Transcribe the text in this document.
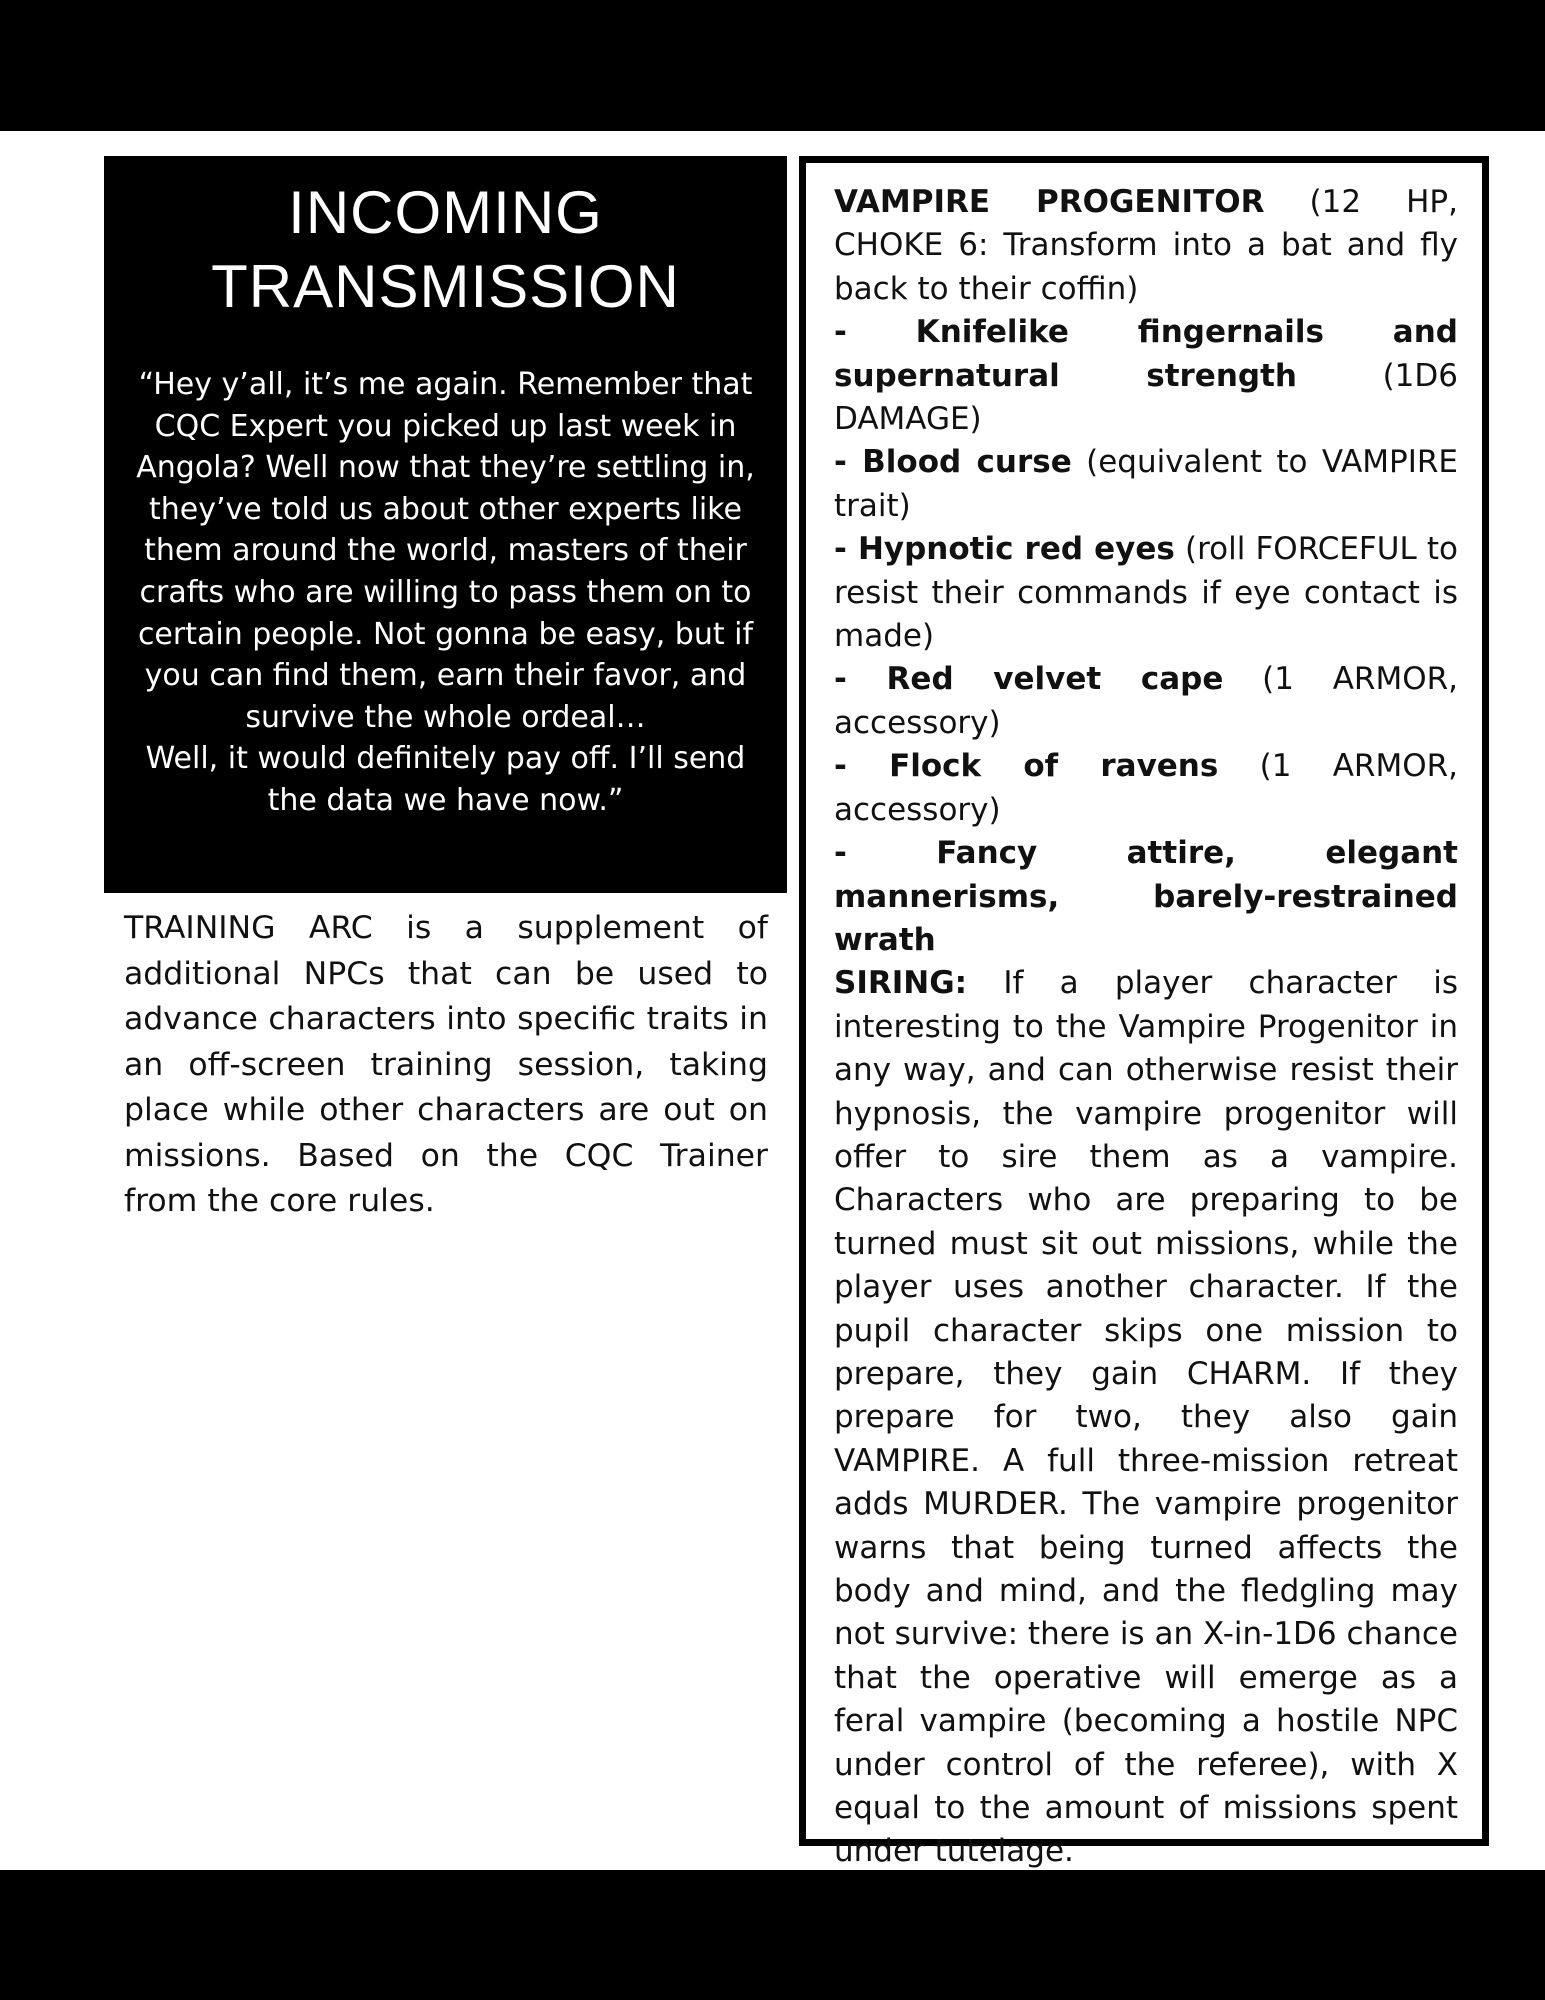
INCOMING
TRANSMISSION

“Hey y’all, it’s me again. Remember that CQC Expert you picked up last week in Angola? Well now that they’re settling in, they’ve told us about other experts like them around the world, masters of their crafts who are willing to pass them on to certain people. Not gonna be easy, but if you can find them, earn their favor, and survive the whole ordeal…

Well, it would definitely pay off. I’ll send the data we have now.”

TRAINING ARC is a supplement of additional NPCs that can be used to advance characters into specific traits in an off-screen training session, taking place while other characters are out on missions. Based on the CQC Trainer from the core rules.

VAMPIRE PROGENITOR (12 HP, CHOKE 6: Transform into a bat and fly back to their coffin)

- Knifelike fingernails and supernatural strength	(1D6 DAMAGE)

- Blood curse (equivalent to VAMPIRE trait)

- Hypnotic red eyes (roll FORCEFUL to resist their commands if eye contact is made)

- Red velvet cape (1 ARMOR, accessory)

- Flock of ravens (1 ARMOR, accessory)

- Fancy attire, elegant mannerisms, barely-restrained wrath

SIRING: If a player character is interesting to the Vampire Progenitor in any way, and can otherwise resist their hypnosis, the vampire progenitor will offer to sire them as a vampire. Characters who are preparing to be turned must sit out missions, while the player uses another character. If the pupil character skips one mission to prepare, they gain CHARM. If they prepare for two, they also gain VAMPIRE. A full three-mission retreat adds MURDER. The vampire progenitor warns that being turned affects the body and mind, and the fledgling may not survive: there is an X-in-1D6 chance that the operative will emerge as a feral vampire (becoming a hostile NPC under control of the referee), with X equal to the amount of missions spent under tutelage.
